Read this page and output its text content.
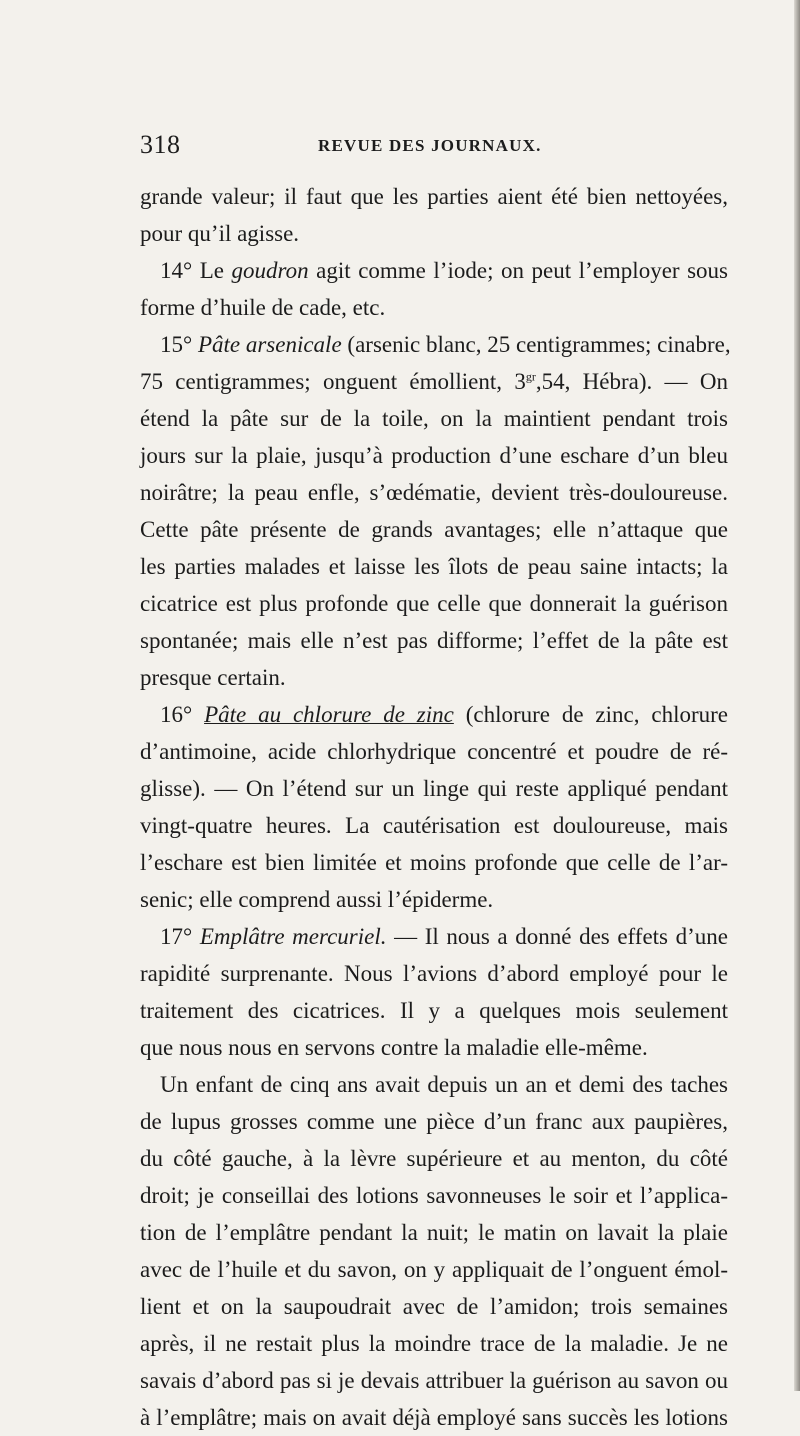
318	REVUE DES JOURNAUX.
grande valeur; il faut que les parties aient été bien nettoyées,
pour qu’il agisse.
14° Le goudron agit comme l’iode; on peut l’employer sous
forme d’huile de cade, etc.
15° Pâte arsenicale (arsenic blanc, 25 centigrammes; cinabre,
75 centigrammes; onguent émollient, $3^{gr},54$, Hébra). — On
étend la pâte sur de la toile, on la maintient pendant trois
jours sur la plaie, jusqu’à production d’une eschare d’un bleu
noirâtre; la peau enfle, s’œdématie, devient très-douloureuse.
Cette pâte présente de grands avantages; elle n’attaque que
les parties malades et laisse les îlots de peau saine intacts; la
cicatrice est plus profonde que celle que donnerait la guérison
spontanée; mais elle n’est pas difforme; l’effet de la pâte est
presque certain.
16° Pâte au chlorure de zinc (chlorure de zinc, chlorure
d’antimoine, acide chlorhydrique concentré et poudre de ré-
glisse). — On l’étend sur un linge qui reste appliqué pendant
vingt-quatre heures. La cautérisation est douloureuse, mais
l’eschare est bien limitée et moins profonde que celle de l’ar-
senic; elle comprend aussi l’épiderme.
17° Emplâtre mercuriel. — Il nous a donné des effets d’une
rapidité surprenante. Nous l’avions d’abord employé pour le
traitement des cicatrices. Il y a quelques mois seulement
que nous nous en servons contre la maladie elle-même.
Un enfant de cinq ans avait depuis un an et demi des taches
de lupus grosses comme une pièce d’un franc aux paupières,
du côté gauche, à la lèvre supérieure et au menton, du côté
droit; je conseillai des lotions savonneuses le soir et l’applica-
tion de l’emplâtre pendant la nuit; le matin on lavait la plaie
avec de l’huile et du savon, on y appliquait de l’onguent émol-
lient et on la saupoudrait avec de l’amidon; trois semaines
après, il ne restait plus la moindre trace de la maladie. Je ne
savais d’abord pas si je devais attribuer la guérison au savon ou
à l’emplâtre; mais on avait déjà employé sans succès les lotions
